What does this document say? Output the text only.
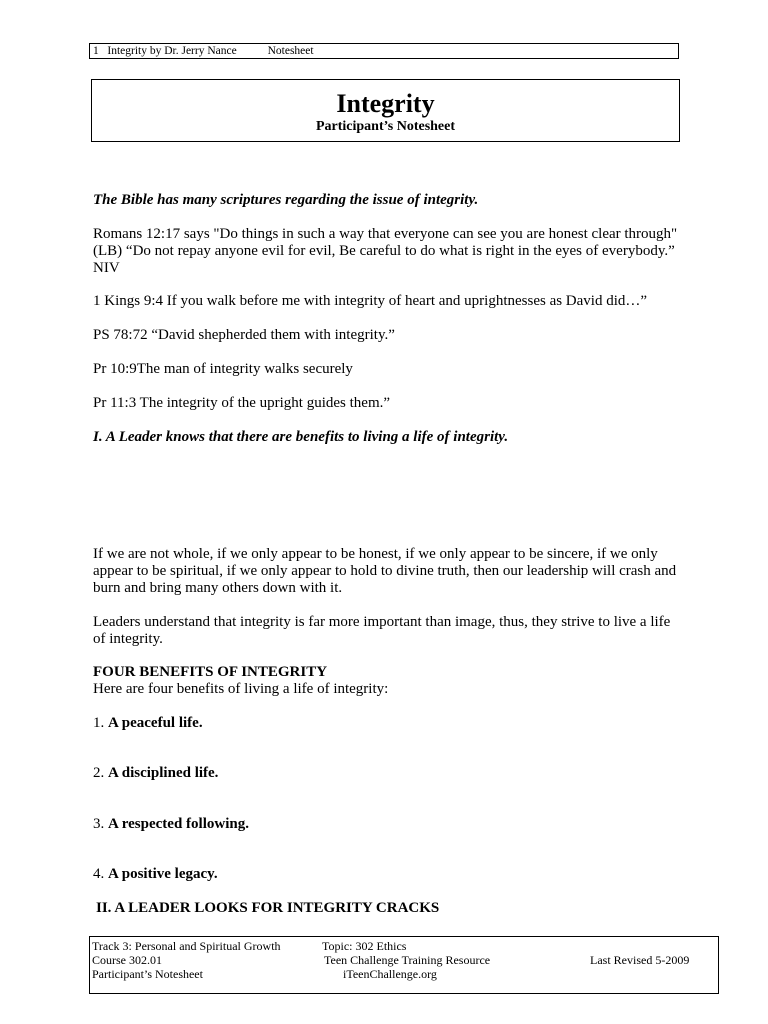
1 Integrity by Dr. Jerry Nance	Notesheet
Integrity
Participant’s Notesheet
The Bible has many scriptures regarding the issue of integrity.
Romans 12:17 says "Do things in such a way that everyone can see you are honest clear through" (LB) “Do not repay anyone evil for evil, Be careful to do what is right in the eyes of everybody.” NIV
1 Kings 9:4 If you walk before me with integrity of heart and uprightnesses as David did…”
PS 78:72 “David shepherded them with integrity.”
Pr 10:9The man of integrity walks securely
Pr 11:3 The integrity of the upright guides them.”
I. A Leader knows that there are benefits to living a life of integrity.
If we are not whole, if we only appear to be honest, if we only appear to be sincere, if we only appear to be spiritual, if we only appear to hold to divine truth, then our leadership will crash and burn and bring many others down with it.
Leaders understand that integrity is far more important than image, thus, they strive to live a life of integrity.
FOUR BENEFITS OF INTEGRITY
Here are four benefits of living a life of integrity:
1. A peaceful life.
2. A disciplined life.
3. A respected following.
4. A positive legacy.
II. A LEADER LOOKS FOR INTEGRITY CRACKS
Track 3: Personal and Spiritual Growth
Course 302.01
Participant’s Notesheet
Topic: 302 Ethics
Teen Challenge Training Resource
iTeenChallenge.org
Last Revised 5-2009
